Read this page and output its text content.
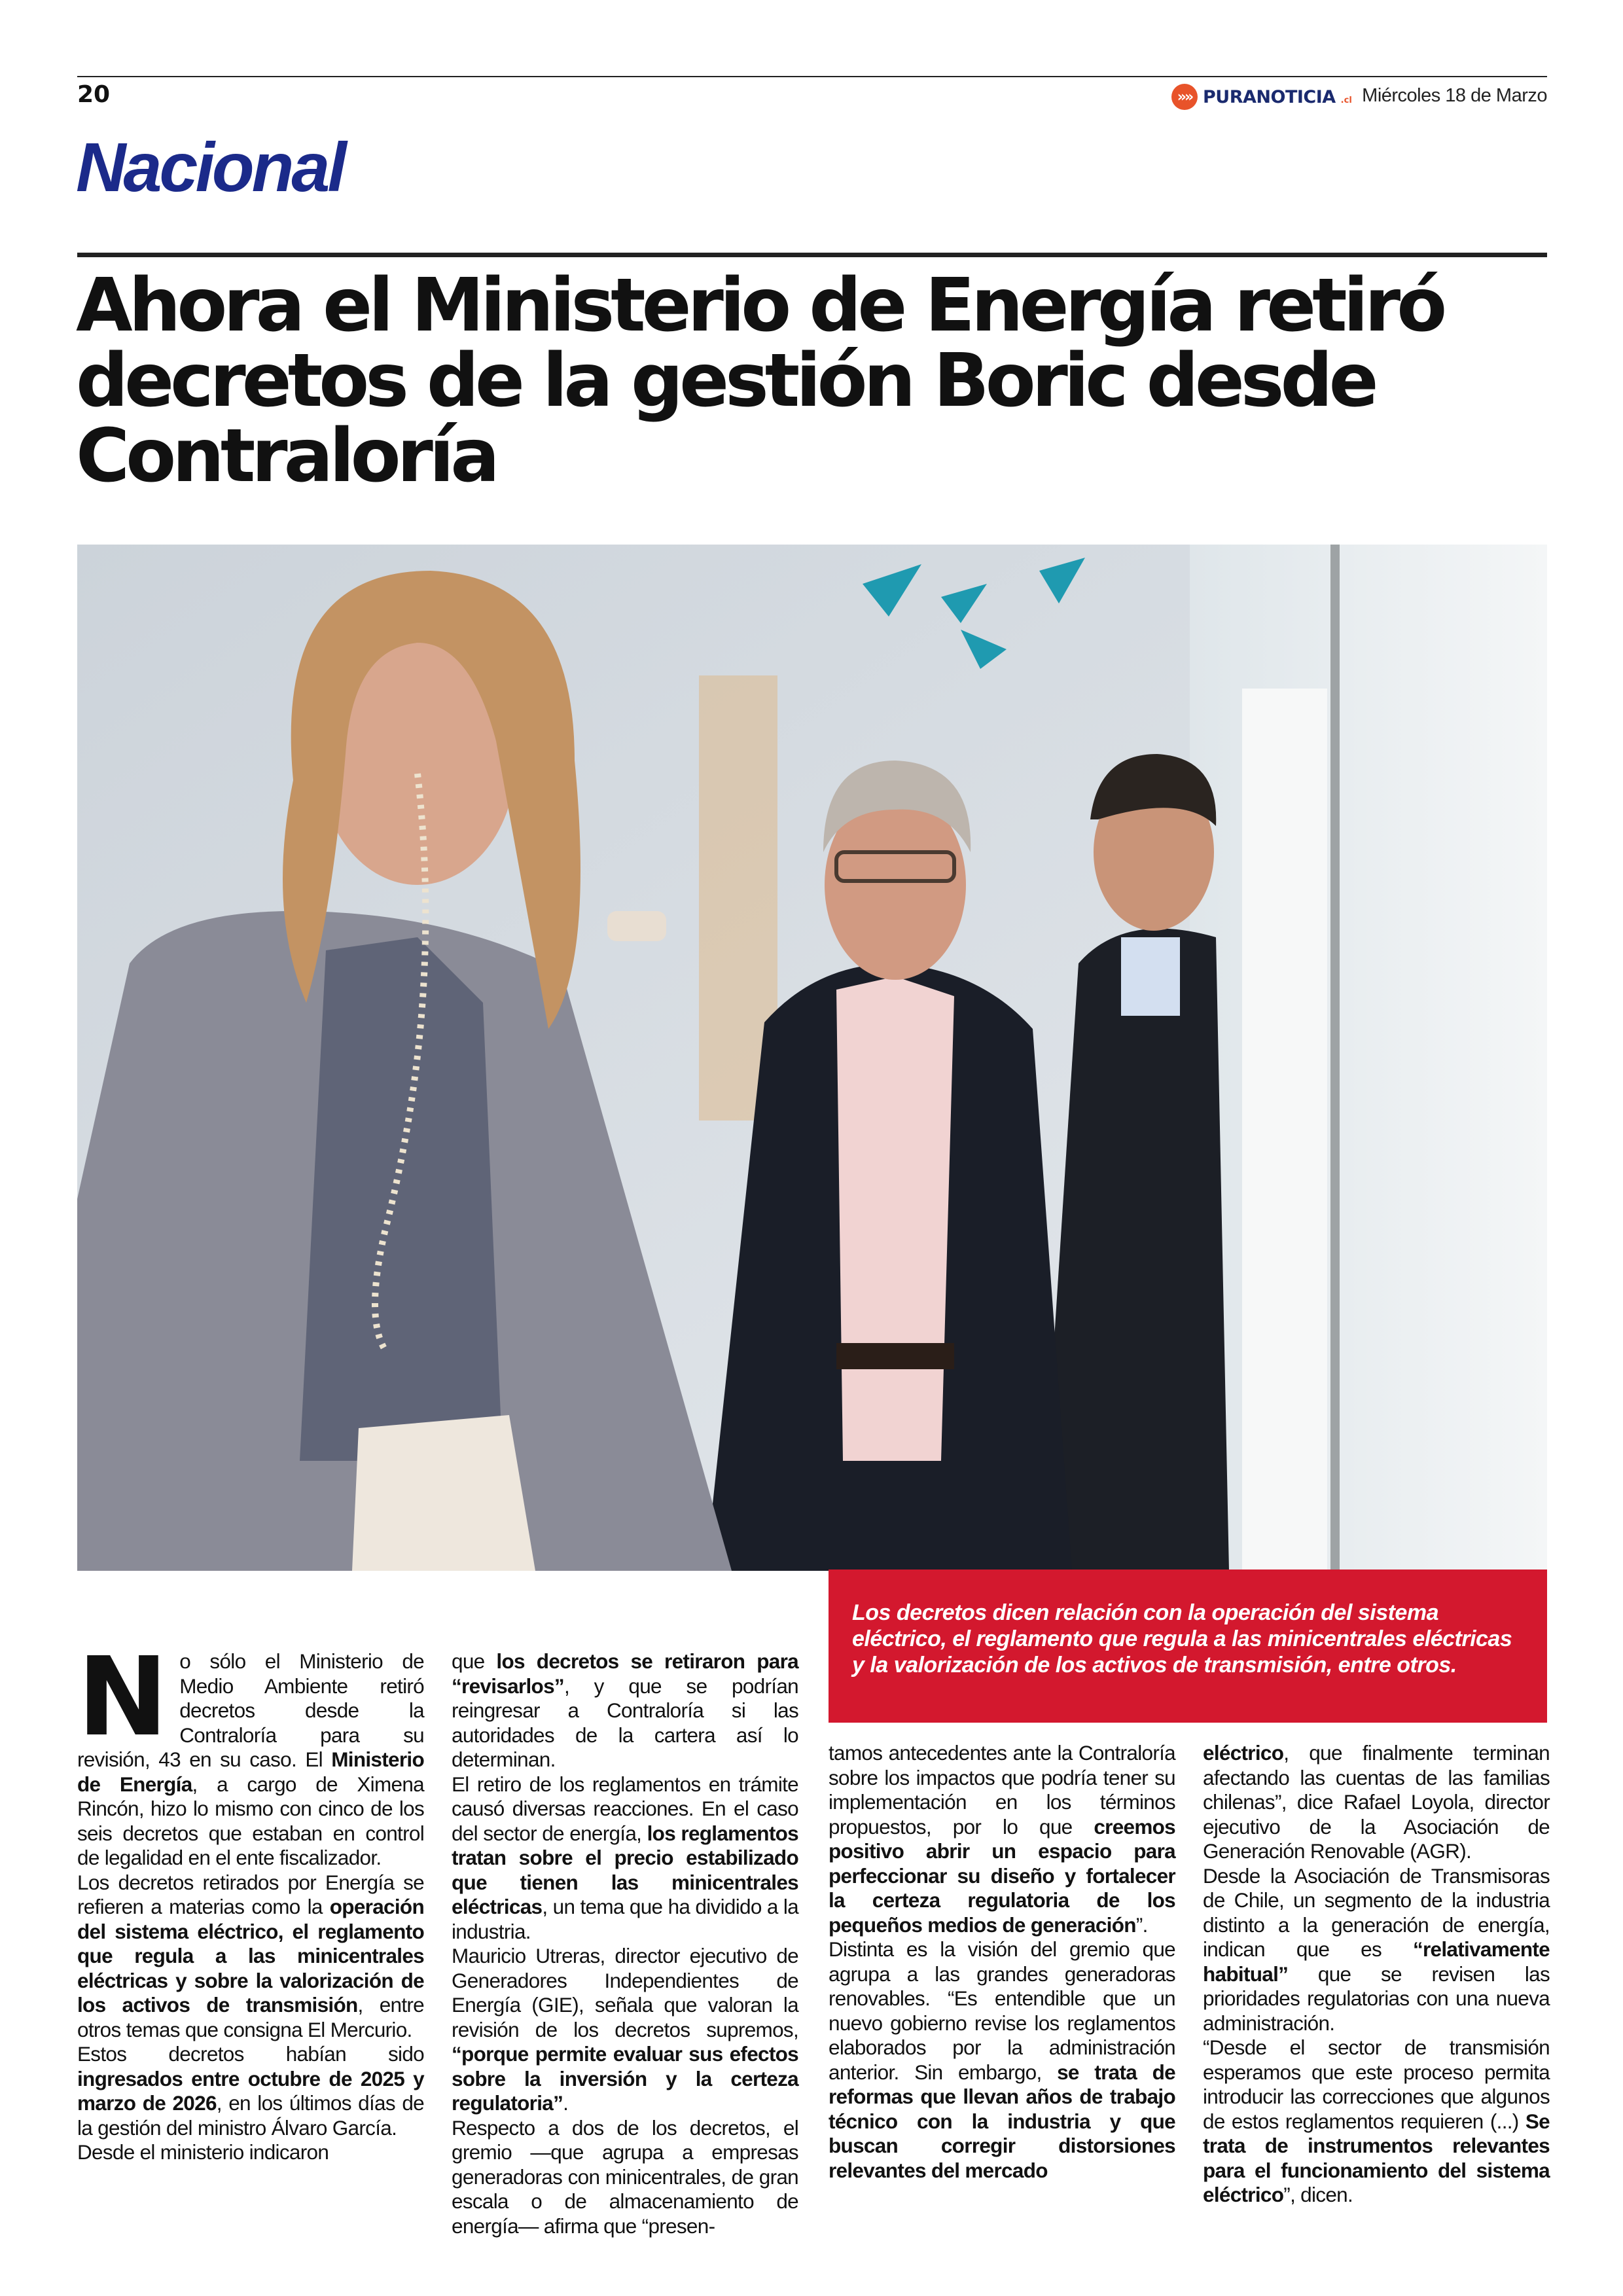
20	»» PURANOTICIA .cl Miércoles 18 de Marzo
Nacional
Ahora el Ministerio de Energía retiró
decretos de la gestión Boric desde
Contraloría

Los decretos dicen relación con la operación del sistema eléctrico, el reglamento que regula a las minicentrales eléctricas y la valorización de los activos de transmisión, entre otros.

N o sólo el Ministerio de Medio Ambiente retiró decretos desde la Contraloría para su revisión, 43 en su caso. El Ministerio de Energía, a cargo de Ximena Rincón, hizo lo mismo con cinco de los seis decretos que estaban en control de legalidad en el ente fiscalizador.

Los decretos retirados por Energía se refieren a materias como la operación del sistema eléctrico, el reglamento que regula a las minicentrales eléctricas y sobre la valorización de los activos de transmisión, entre otros temas que consigna El Mercurio.

Estos decretos habían sido ingresados entre octubre de 2025 y marzo de 2026, en los últimos días de la gestión del ministro Álvaro García.

Desde el ministerio indicaron

que los decretos se retiraron para “revisarlos”, y que se podrían reingresar a Contraloría si las autoridades de la cartera así lo determinan.

El retiro de los reglamentos en trámite causó diversas reacciones. En el caso del sector de energía, los reglamentos tratan sobre el precio estabilizado que tienen las minicentrales eléctricas, un tema que ha dividido a la industria.

Mauricio Utreras, director ejecutivo de Generadores Independientes de Energía (GIE), señala que valoran la revisión de los decretos supremos, “porque permite evaluar sus efectos sobre la inversión y la certeza regulatoria”.

Respecto a dos de los decretos, el gremio —que agrupa a empresas generadoras con minicentrales, de gran escala o de almacenamiento de energía— afirma que “presen-

tamos antecedentes ante la Contraloría sobre los impactos que podría tener su implementación en los términos propuestos, por lo que creemos positivo abrir un espacio para perfeccionar su diseño y fortalecer la certeza regulatoria de los pequeños medios de generación”.

Distinta es la visión del gremio que agrupa a las grandes generadoras renovables. “Es entendible que un nuevo gobierno revise los reglamentos elaborados por la administración anterior. Sin embargo, se trata de reformas que llevan años de trabajo técnico con la industria y que buscan corregir distorsiones relevantes del mercado

eléctrico, que finalmente terminan afectando las cuentas de las familias chilenas”, dice Rafael Loyola, director ejecutivo de la Asociación de Generación Renovable (AGR).

Desde la Asociación de Transmisoras de Chile, un segmento de la industria distinto a la generación de energía, indican que es “relativamente habitual” que se revisen las prioridades regulatorias con una nueva administración.

“Desde el sector de transmisión esperamos que este proceso permita introducir las correcciones que algunos de estos reglamentos requieren (...) Se trata de instrumentos relevantes para el funcionamiento del sistema eléctrico”, dicen.
